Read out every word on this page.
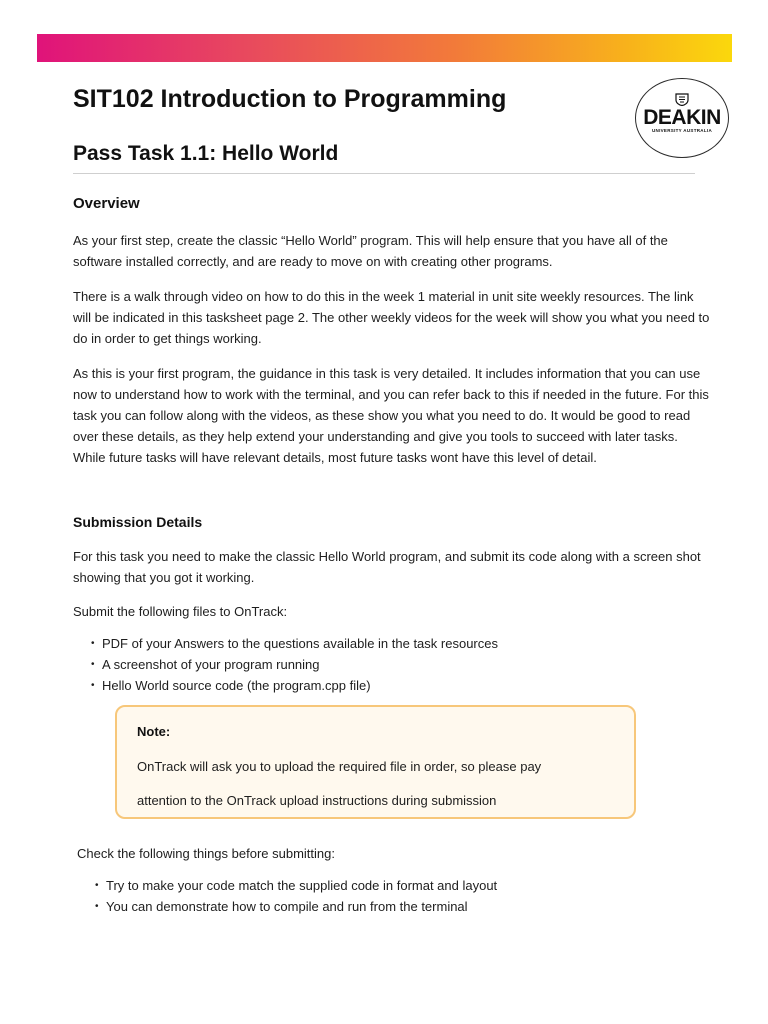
DEAKIN
UNIVERSITY AUSTRALIA
SIT102 Introduction to Programming
Pass Task 1.1: Hello World
Overview

As your first step, create the classic “Hello World” program. This will help ensure that you have all of the software installed correctly, and are ready to move on with creating other programs.

There is a walk through video on how to do this in the week 1 material in unit site weekly resources. The link will be indicated in this tasksheet page 2. The other weekly videos for the week will show you what you need to do in order to get things working.

As this is your first program, the guidance in this task is very detailed. It includes information that you can use now to understand how to work with the terminal, and you can refer back to this if needed in the future. For this task you can follow along with the videos, as these show you what you need to do. It would be good to read over these details, as they help extend your understanding and give you tools to succeed with later tasks. While future tasks will have relevant details, most future tasks wont have this level of detail.

Submission Details

For this task you need to make the classic Hello World program, and submit its code along with a screen shot showing that you got it working.

Submit the following files to OnTrack:

• PDF of your Answers to the questions available in the task resources
• A screenshot of your program running
• Hello World source code (the program.cpp file)
Note:
OnTrack will ask you to upload the required file in order, so please pay
attention to the OnTrack upload instructions during submission
Check the following things before submitting:
• Try to make your code match the supplied code in format and layout
• You can demonstrate how to compile and run from the terminal
